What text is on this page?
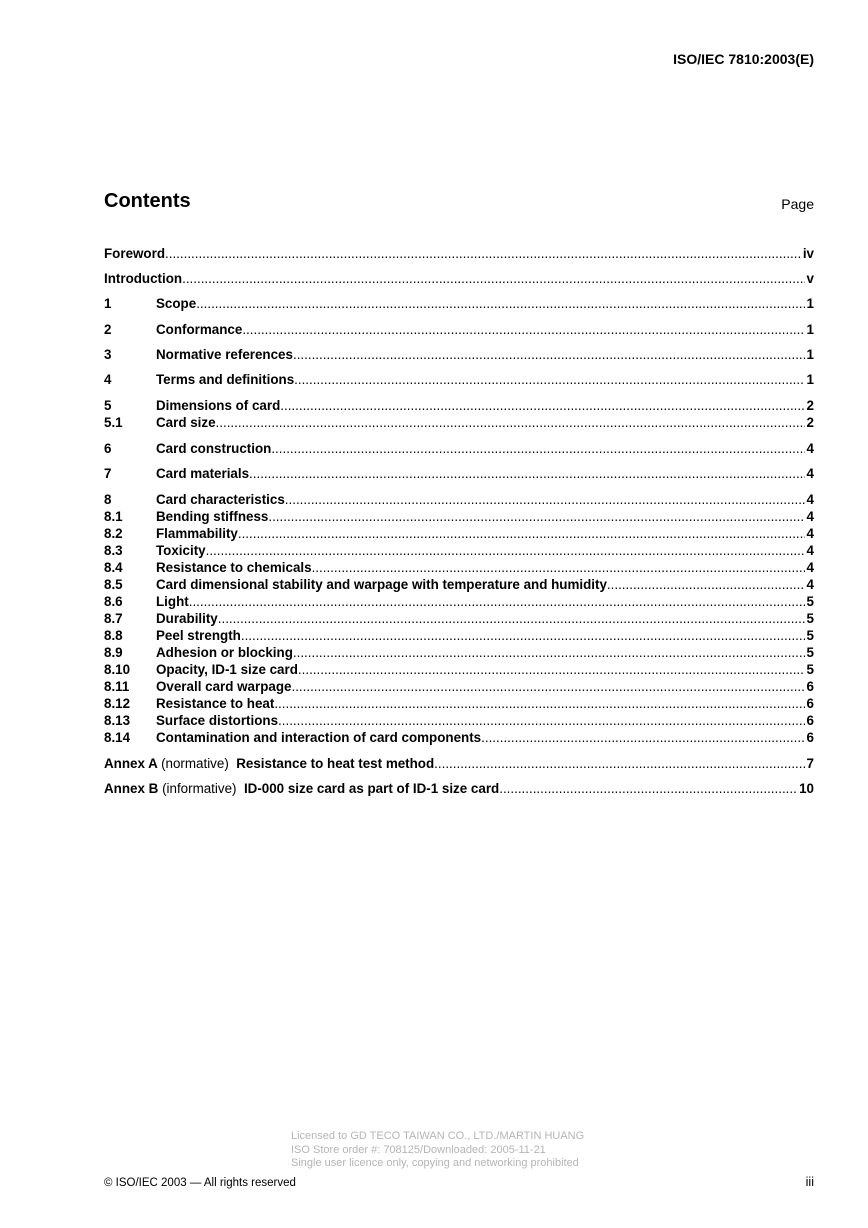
ISO/IEC 7810:2003(E)
Contents	Page
Foreword .....	iv
Introduction .....	v
1	Scope .....	1
2	Conformance .....	1
3	Normative references .....	1
4	Terms and definitions .....	1
5	Dimensions of card .....	2
5.1	Card size .....	2
6	Card construction .....	4
7	Card materials .....	4
8	Card characteristics .....	4
8.1	Bending stiffness .....	4
8.2	Flammability .....	4
8.3	Toxicity .....	4
8.4	Resistance to chemicals .....	4
8.5	Card dimensional stability and warpage with temperature and humidity .....	4
8.6	Light .....	5
8.7	Durability .....	5
8.8	Peel strength .....	5
8.9	Adhesion or blocking .....	5
8.10	Opacity, ID-1 size card .....	5
8.11	Overall card warpage .....	6
8.12	Resistance to heat .....	6
8.13	Surface distortions .....	6
8.14	Contamination and interaction of card components .....	6
Annex A (normative) Resistance to heat test method .....	7
Annex B (informative) ID-000 size card as part of ID-1 size card .....	10
Licensed to GD TECO TAIWAN CO., LTD./MARTIN HUANG
ISO Store order #: 708125/Downloaded: 2005-11-21
Single user licence only, copying and networking prohibited
© ISO/IEC 2003 — All rights reserved	iii
